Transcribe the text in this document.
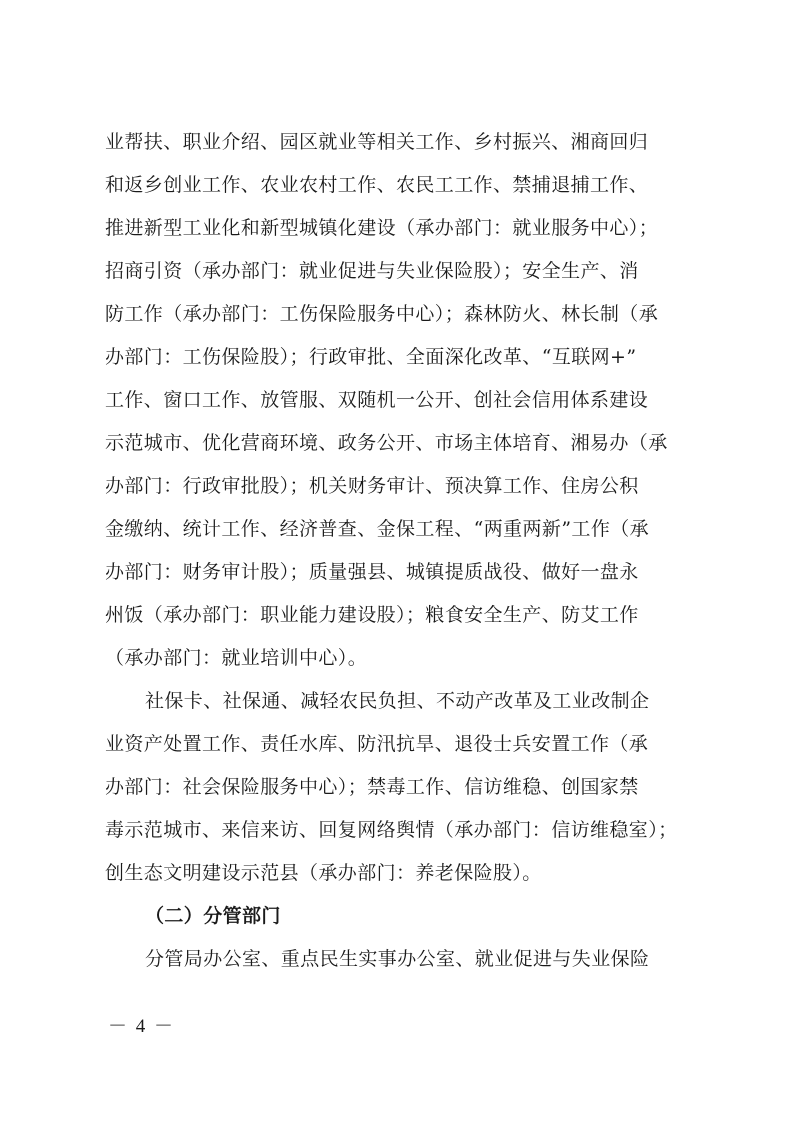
业帮扶、职业介绍、园区就业等相关工作、乡村振兴、湘商回归
和返乡创业工作、农业农村工作、农民工工作、禁捕退捕工作、
推进新型工业化和新型城镇化建设（承办部门：就业服务中心）；
招商引资（承办部门：就业促进与失业保险股）；安全生产、消
防工作（承办部门：工伤保险服务中心）；森林防火、林长制（承
办部门：工伤保险股）；行政审批、全面深化改革、“互联网+”
工作、窗口工作、放管服、双随机一公开、创社会信用体系建设
示范城市、优化营商环境、政务公开、市场主体培育、湘易办（承
办部门：行政审批股）；机关财务审计、预决算工作、住房公积
金缴纳、统计工作、经济普查、金保工程、“两重两新”工作（承
办部门：财务审计股）；质量强县、城镇提质战役、做好一盘永
州饭（承办部门：职业能力建设股）；粮食安全生产、防艾工作
（承办部门：就业培训中心）。
社保卡、社保通、减轻农民负担、不动产改革及工业改制企
业资产处置工作、责任水库、防汛抗旱、退役士兵安置工作（承
办部门：社会保险服务中心）；禁毒工作、信访维稳、创国家禁
毒示范城市、来信来访、回复网络舆情（承办部门：信访维稳室）；
创生态文明建设示范县（承办部门：养老保险股）。
（二）分管部门
分管局办公室、重点民生实事办公室、就业促进与失业保险
－ 4 －
